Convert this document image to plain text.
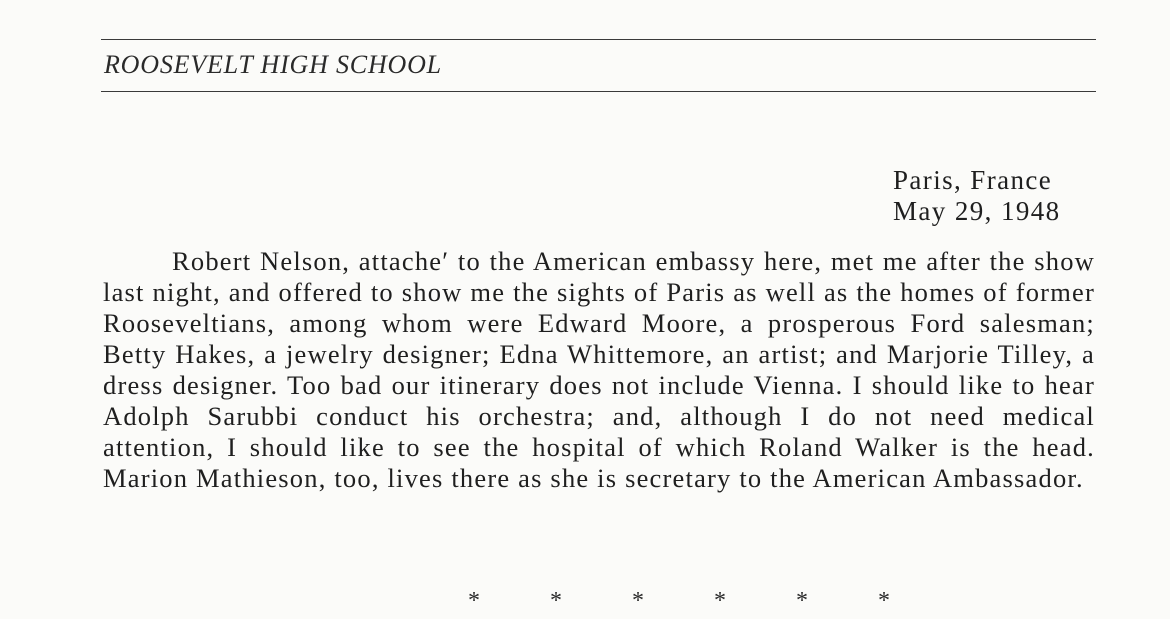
ROOSEVELT HIGH SCHOOL
Paris, France
May 29, 1948

Robert Nelson, attache′ to the American embassy here, met me after the show last night, and offered to show me the sights of Paris as well as the homes of former Rooseveltians, among whom were Edward Moore, a prosperous Ford salesman; Betty Hakes, a jewelry designer; Edna Whittemore, an artist; and Marjorie Tilley, a dress designer. Too bad our itinerary does not include Vienna. I should like to hear Adolph Sarubbi conduct his orchestra; and, although I do not need medical attention, I should like to see the hospital of which Roland Walker is the head. Marion Mathieson, too, lives there as she is secretary to the American Ambassador.

* * * * * *
